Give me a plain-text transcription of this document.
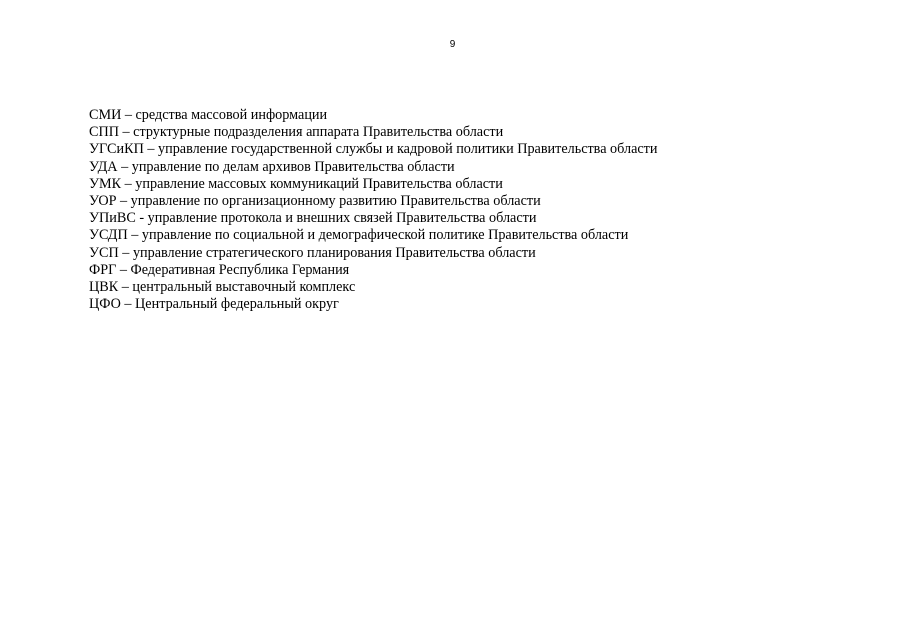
9
СМИ – средства массовой информации
СПП – структурные подразделения аппарата Правительства области
УГСиКП – управление государственной службы и кадровой политики Правительства области
УДА – управление по делам архивов Правительства области
УМК – управление массовых коммуникаций Правительства области
УОР – управление по организационному развитию Правительства области
УПиВС - управление протокола и внешних связей Правительства области
УСДП – управление по социальной и демографической политике Правительства области
УСП – управление стратегического планирования Правительства области
ФРГ – Федеративная Республика Германия
ЦВК – центральный выставочный комплекс
ЦФО – Центральный федеральный округ
